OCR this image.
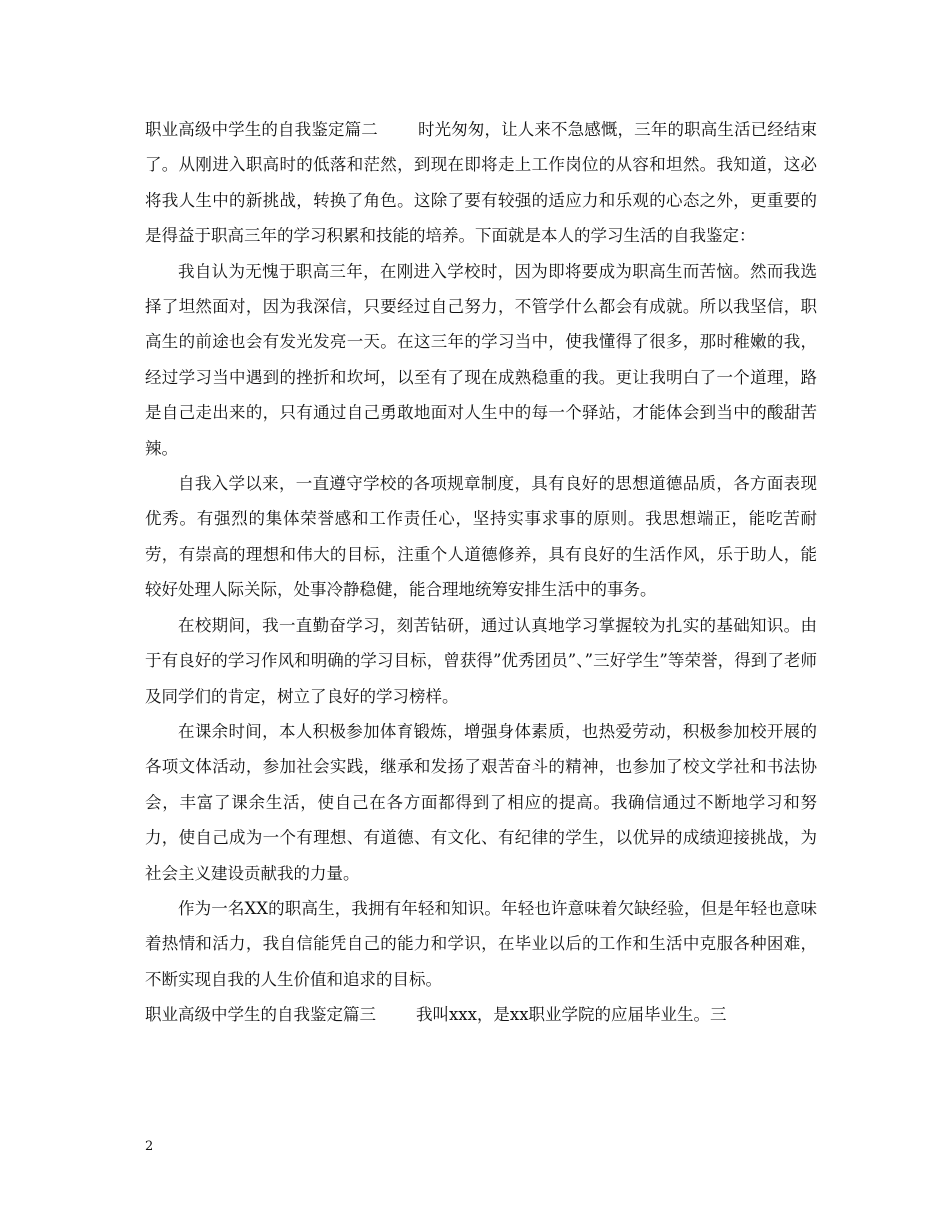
职业高级中学生的自我鉴定篇二 时光匆匆，让人来不急感慨，三年的职高生活已经结束了。从刚进入职高时的低落和茫然，到现在即将走上工作岗位的从容和坦然。我知道，这必将我人生中的新挑战，转换了角色。这除了要有较强的适应力和乐观的心态之外，更重要的是得益于职高三年的学习积累和技能的培养。下面就是本人的学习生活的自我鉴定：

我自认为无愧于职高三年，在刚进入学校时，因为即将要成为职高生而苦恼。然而我选择了坦然面对，因为我深信，只要经过自己努力，不管学什么都会有成就。所以我坚信，职高生的前途也会有发光发亮一天。在这三年的学习当中，使我懂得了很多，那时稚嫩的我，经过学习当中遇到的挫折和坎坷，以至有了现在成熟稳重的我。更让我明白了一个道理，路是自己走出来的，只有通过自己勇敢地面对人生中的每一个驿站，才能体会到当中的酸甜苦辣。

自我入学以来，一直遵守学校的各项规章制度，具有良好的思想道德品质，各方面表现优秀。有强烈的集体荣誉感和工作责任心，坚持实事求事的原则。我思想端正，能吃苦耐劳，有崇高的理想和伟大的目标，注重个人道德修养，具有良好的生活作风，乐于助人，能较好处理人际关际，处事冷静稳健，能合理地统筹安排生活中的事务。

在校期间，我一直勤奋学习，刻苦钻研，通过认真地学习掌握较为扎实的基础知识。由于有良好的学习作风和明确的学习目标，曾获得”优秀团员”、”三好学生”等荣誉，得到了老师及同学们的肯定，树立了良好的学习榜样。

在课余时间，本人积极参加体育锻炼，增强身体素质，也热爱劳动，积极参加校开展的各项文体活动，参加社会实践，继承和发扬了艰苦奋斗的精神，也参加了校文学社和书法协会，丰富了课余生活，使自己在各方面都得到了相应的提高。我确信通过不断地学习和努力，使自己成为一个有理想、有道德、有文化、有纪律的学生，以优异的成绩迎接挑战，为社会主义建设贡献我的力量。

作为一名XX的职高生，我拥有年轻和知识。年轻也许意味着欠缺经验，但是年轻也意味着热情和活力，我自信能凭自己的能力和学识，在毕业以后的工作和生活中克服各种困难，不断实现自我的人生价值和追求的目标。

职业高级中学生的自我鉴定篇三 我叫xxx，是xx职业学院的应届毕业生。三

2
